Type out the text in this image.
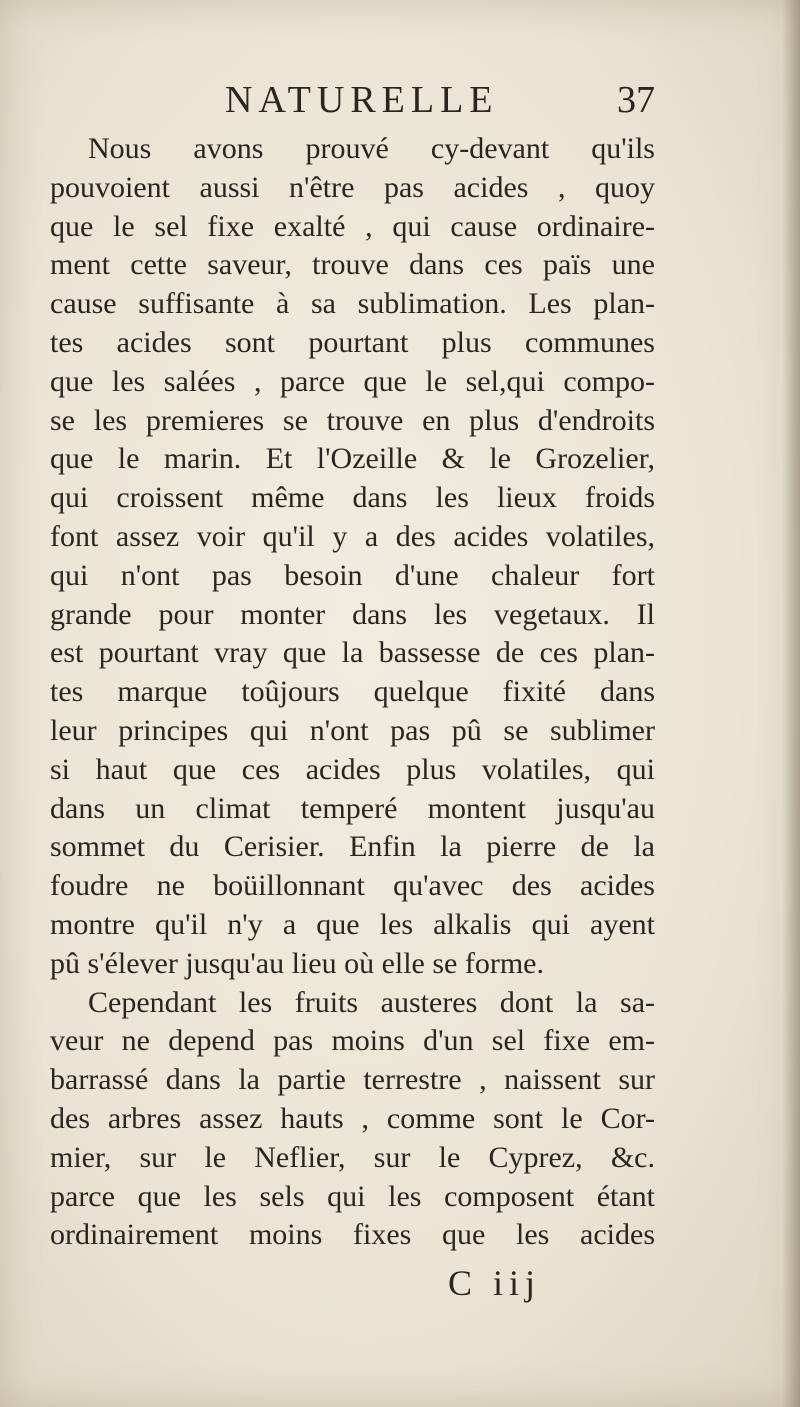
NATURELLE	37
Nous avons prouvé cy-devant qu'ils
pouvoient aussi n'être pas acides , quoy
que le sel fixe exalté , qui cause ordinaire-
ment cette saveur, trouve dans ces païs une
cause suffisante à sa sublimation. Les plan-
tes acides sont pourtant plus communes
que les salées , parce que le sel,qui compo-
se les premieres se trouve en plus d'endroits
que le marin. Et l'Ozeille & le Grozelier,
qui croissent même dans les lieux froids
font assez voir qu'il y a des acides volatiles,
qui n'ont pas besoin d'une chaleur fort
grande pour monter dans les vegetaux. Il
est pourtant vray que la bassesse de ces plan-
tes marque toûjours quelque fixité dans
leur principes qui n'ont pas pû se sublimer
si haut que ces acides plus volatiles, qui
dans un climat temperé montent jusqu'au
sommet du Cerisier. Enfin la pierre de la
foudre ne boüillonnant qu'avec des acides
montre qu'il n'y a que les alkalis qui ayent
pû s'élever jusqu'au lieu où elle se forme.
Cependant les fruits austeres dont la sa-
veur ne depend pas moins d'un sel fixe em-
barrassé dans la partie terrestre , naissent sur
des arbres assez hauts , comme sont le Cor-
mier, sur le Neflier, sur le Cyprez, &c.
parce que les sels qui les composent étant
ordinairement moins fixes que les acides
C iij
